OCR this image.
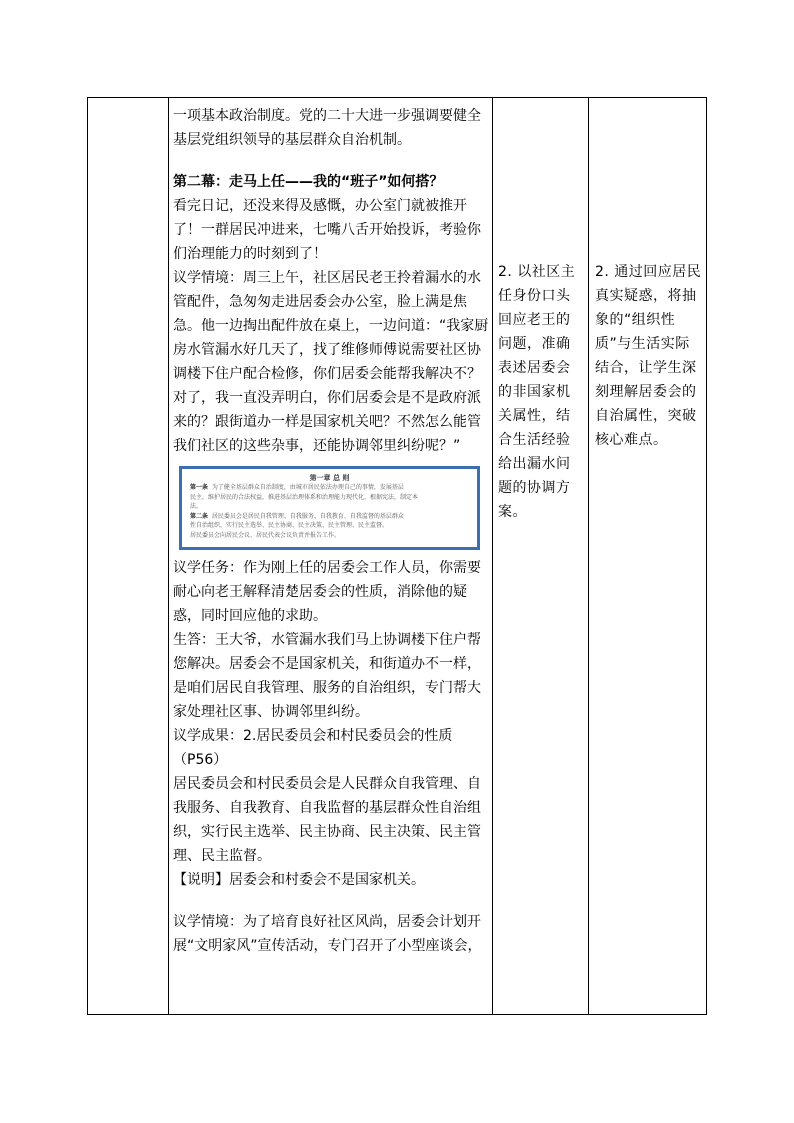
一项基本政治制度。党的二十大进一步强调要健全基层党组织领导的基层群众自治机制。

第二幕：走马上任——我的“班子”如何搭？

看完日记，还没来得及感慨，办公室门就被推开了！一群居民冲进来，七嘴八舌开始投诉，考验你们治理能力的时刻到了！

议学情境：周三上午，社区居民老王拎着漏水的水管配件，急匆匆走进居委会办公室，脸上满是焦急。他一边掏出配件放在桌上，一边问道：“我家厨房水管漏水好几天了，找了维修师傅说需要社区协调楼下住户配合检修，你们居委会能帮我解决不？对了，我一直没弄明白，你们居委会是不是政府派来的？跟街道办一样是国家机关吧？不然怎么能管我们社区的这些杂事，还能协调邻里纠纷呢？”

第一章 总 则
第一条 为了健全基层群众自治制度，由城市居民依法办理自己的事情，发展基层
民主，维护居民的合法权益，推进基层治理体系和治理能力现代化，根据宪法，制定本
法。
第二条 居民委员会是居民自我管理、自我服务、自我教育、自我监督的基层群众
性自治组织，实行民主选举、民主协商、民主决策、民主管理、民主监督。
居民委员会向居民会议、居民代表会议负责并报告工作。

议学任务：作为刚上任的居委会工作人员，你需要耐心向老王解释清楚居委会的性质，消除他的疑惑，同时回应他的求助。

生答：王大爷，水管漏水我们马上协调楼下住户帮您解决。居委会不是国家机关，和街道办不一样，是咱们居民自我管理、服务的自治组织，专门帮大家处理社区事、协调邻里纠纷。

议学成果：2.居民委员会和村民委员会的性质（P56）

居民委员会和村民委员会是人民群众自我管理、自我服务、自我教育、自我监督的基层群众性自治组织，实行民主选举、民主协商、民主决策、民主管理、民主监督。

【说明】居委会和村委会不是国家机关。

议学情境：为了培育良好社区风尚，居委会计划开展“文明家风”宣传活动，专门召开了小型座谈会，

2. 以社区主任身份口头回应老王的问题，准确表述居委会的非国家机关属性，结合生活经验给出漏水问题的协调方案。

2. 通过回应居民真实疑惑，将抽象的“组织性质”与生活实际结合，让学生深刻理解居委会的自治属性，突破核心难点。
